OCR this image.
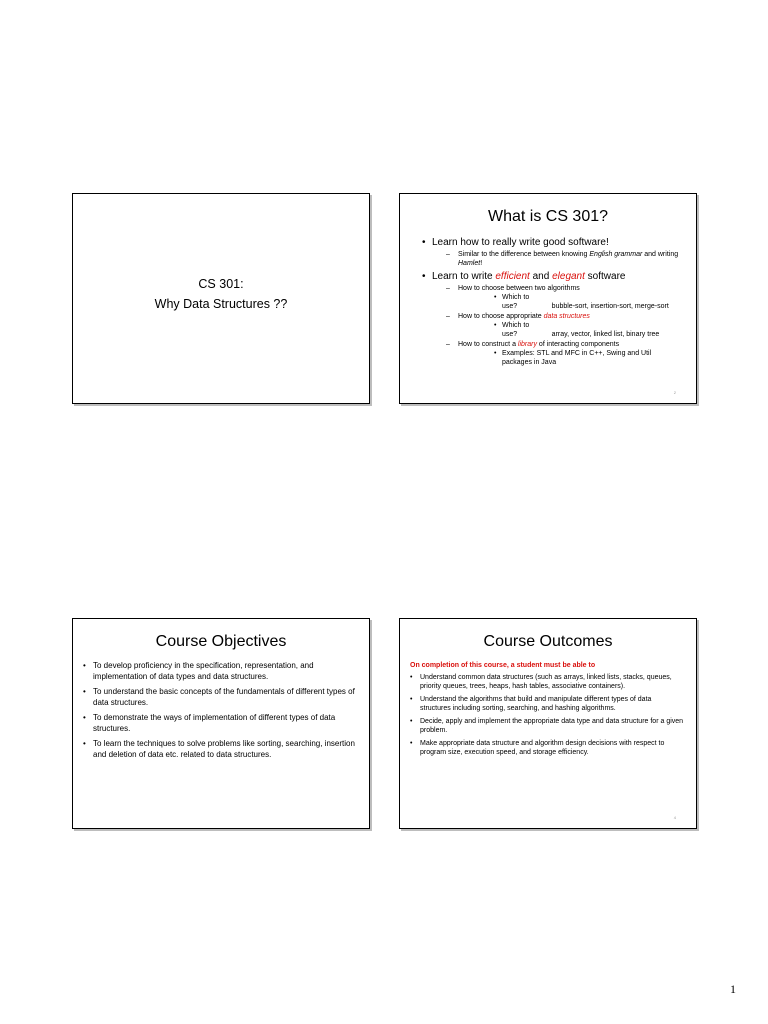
CS 301:
Why Data Structures ??
What is CS 301?
• Learn how to really write good software!
– Similar to the difference between knowing English grammar and writing Hamlet!
• Learn to write efficient and elegant software
– How to choose between two algorithms
• Which to use?	bubble-sort, insertion-sort, merge-sort
– How to choose appropriate data structures
• Which to use?	array, vector, linked list, binary tree
– How to construct a library of interacting components
• Examples: STL and MFC in C++, Swing and Util packages in Java
2
Course Objectives
• To develop proficiency in the specification, representation, and implementation of data types and data structures.
• To understand the basic concepts of the fundamentals of different types of data structures.
• To demonstrate the ways of implementation of different types of data structures.
• To learn the techniques to solve problems like sorting, searching, insertion and deletion of data etc. related to data structures.
Course Outcomes
On completion of this course, a student must be able to
• Understand common data structures (such as arrays, linked lists, stacks, queues, priority queues, trees, heaps, hash tables, associative containers).
• Understand the algorithms that build and manipulate different types of data structures including sorting, searching, and hashing algorithms.
• Decide, apply and implement the appropriate data type and data structure for a given problem.
• Make appropriate data structure and algorithm design decisions with respect to program size, execution speed, and storage efficiency.
4
1
